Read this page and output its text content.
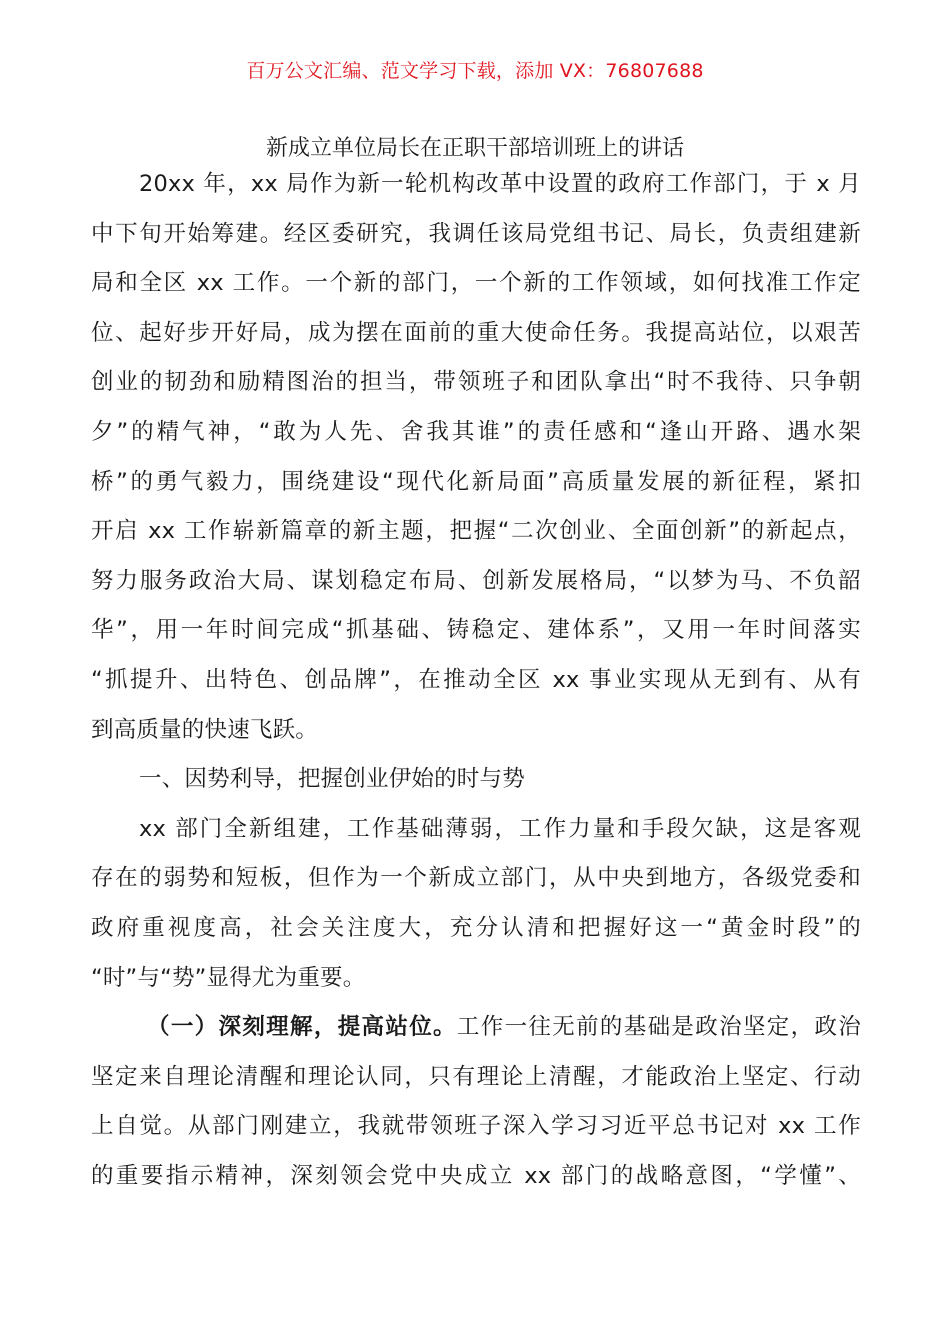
百万公文汇编、范文学习下载，添加 VX：76807688
新成立单位局长在正职干部培训班上的讲话
20xx 年，xx 局作为新一轮机构改革中设置的政府工作部门，于 x 月
中下旬开始筹建。经区委研究，我调任该局党组书记、局长，负责组建新
局和全区 xx 工作。一个新的部门，一个新的工作领域，如何找准工作定
位、起好步开好局，成为摆在面前的重大使命任务。我提高站位，以艰苦
创业的韧劲和励精图治的担当，带领班子和团队拿出“时不我待、只争朝
夕”的精气神，“敢为人先、舍我其谁”的责任感和“逢山开路、遇水架
桥”的勇气毅力，围绕建设“现代化新局面”高质量发展的新征程，紧扣
开启 xx 工作崭新篇章的新主题，把握“二次创业、全面创新”的新起点，
努力服务政治大局、谋划稳定布局、创新发展格局，“以梦为马、不负韶
华”，用一年时间完成“抓基础、铸稳定、建体系”，又用一年时间落实
“抓提升、出特色、创品牌”，在推动全区 xx 事业实现从无到有、从有
到高质量的快速飞跃。
一、因势利导，把握创业伊始的时与势
xx 部门全新组建，工作基础薄弱，工作力量和手段欠缺，这是客观
存在的弱势和短板，但作为一个新成立部门，从中央到地方，各级党委和
政府重视度高，社会关注度大，充分认清和把握好这一“黄金时段”的
“时”与“势”显得尤为重要。
（一）深刻理解，提高站位。工作一往无前的基础是政治坚定，政治
坚定来自理论清醒和理论认同，只有理论上清醒，才能政治上坚定、行动
上自觉。从部门刚建立，我就带领班子深入学习习近平总书记对 xx 工作
的重要指示精神，深刻领会党中央成立 xx 部门的战略意图，“学懂”、
